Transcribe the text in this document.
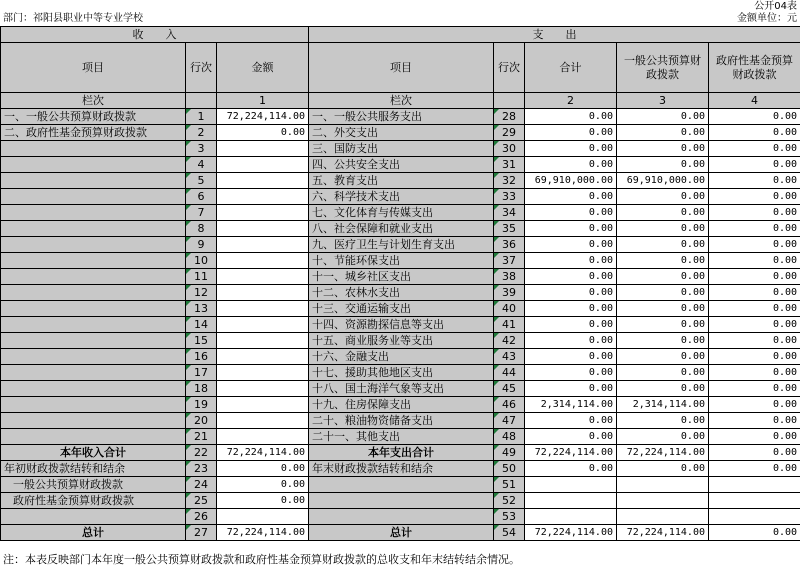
公开04表
部门：祁阳县职业中等专业学校	金额单位：元
收　　入			支　　出				
项目	行次	金额	项目	行次	合计	一般公共预算财政拨款	政府性基金预算财政拨款
栏次		1	栏次		2	3	4
一、一般公共预算财政拨款	1	72,224,114.00	一、一般公共服务支出	28	0.00	0.00	0.00
二、政府性基金预算财政拨款	2	0.00	二、外交支出	29	0.00	0.00	0.00
	3		三、国防支出	30	0.00	0.00	0.00
	4		四、公共安全支出	31	0.00	0.00	0.00
	5		五、教育支出	32	69,910,000.00	69,910,000.00	0.00
	6		六、科学技术支出	33	0.00	0.00	0.00
	7		七、文化体育与传媒支出	34	0.00	0.00	0.00
	8		八、社会保障和就业支出	35	0.00	0.00	0.00
	9		九、医疗卫生与计划生育支出	36	0.00	0.00	0.00
	10		十、节能环保支出	37	0.00	0.00	0.00
	11		十一、城乡社区支出	38	0.00	0.00	0.00
	12		十二、农林水支出	39	0.00	0.00	0.00
	13		十三、交通运输支出	40	0.00	0.00	0.00
	14		十四、资源勘探信息等支出	41	0.00	0.00	0.00
	15		十五、商业服务业等支出	42	0.00	0.00	0.00
	16		十六、金融支出	43	0.00	0.00	0.00
	17		十七、援助其他地区支出	44	0.00	0.00	0.00
	18		十八、国土海洋气象等支出	45	0.00	0.00	0.00
	19		十九、住房保障支出	46	2,314,114.00	2,314,114.00	0.00
	20		二十、粮油物资储备支出	47	0.00	0.00	0.00
	21		二十一、其他支出	48	0.00	0.00	0.00
本年收入合计	22	72,224,114.00	本年支出合计	49	72,224,114.00	72,224,114.00	0.00
年初财政拨款结转和结余	23	0.00	年末财政拨款结转和结余	50	0.00	0.00	0.00
一般公共预算财政拨款	24	0.00		51			
政府性基金预算财政拨款	25	0.00		52			
	26			53			
总计	27	72,224,114.00	总计	54	72,224,114.00	72,224,114.00	0.00
注：本表反映部门本年度一般公共预算财政拨款和政府性基金预算财政拨款的总收支和年末结转结余情况。
